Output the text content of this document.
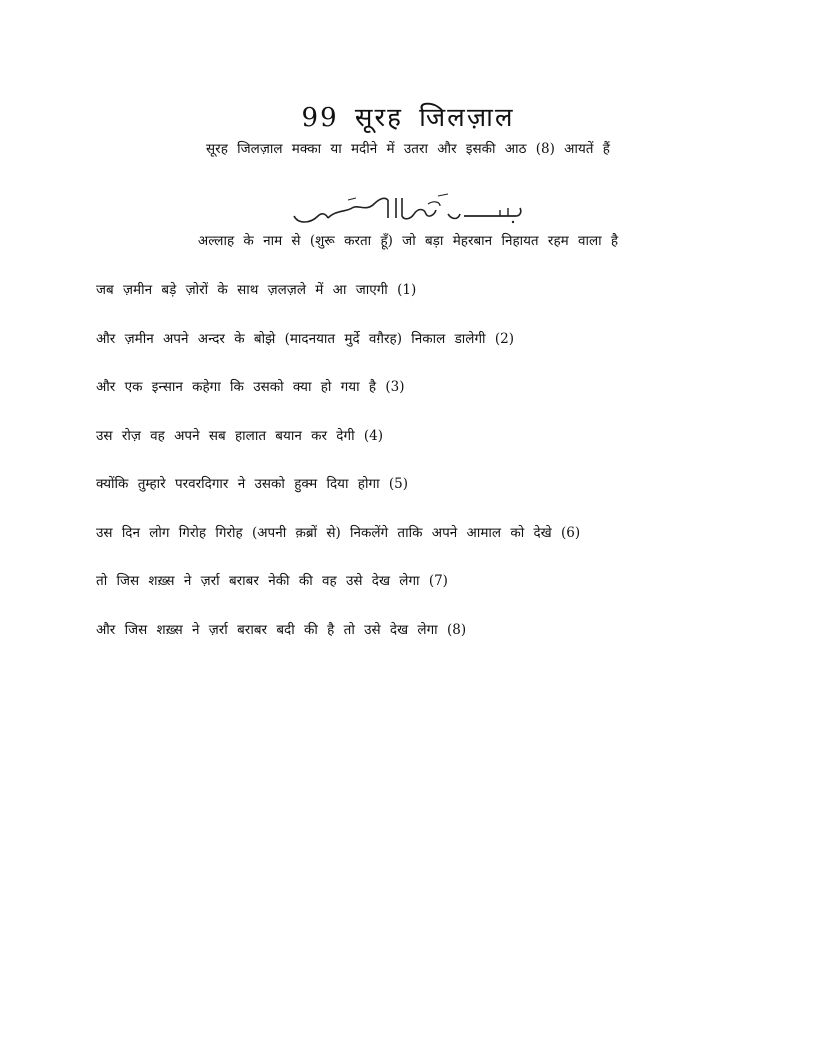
99 सूरह जिलज़ाल
सूरह जिलज़ाल मक्का या मदीने में उतरा और इसकी आठ (8) आयतें हैं
अल्लाह के नाम से (शुरू करता हूँ) जो बड़ा मेहरबान निहायत रहम वाला है
जब ज़मीन बड़े ज़ोरों के साथ ज़लज़ले में आ जाएगी (1)
और ज़मीन अपने अन्दर के बोझे (मादनयात मुर्दे वग़ैरह) निकाल डालेगी (2)
और एक इन्सान कहेगा कि उसको क्या हो गया है (3)
उस रोज़ वह अपने सब हालात बयान कर देगी (4)
क्योंकि तुम्हारे परवरदिगार ने उसको हुक्म दिया होगा (5)
उस दिन लोग गिरोह गिरोह (अपनी क़ब्रों से) निकलेंगे ताकि अपने आमाल को देखे (6)
तो जिस शख़्स ने ज़र्रा बराबर नेकी की वह उसे देख लेगा (7)
और जिस शख़्स ने ज़र्रा बराबर बदी की है तो उसे देख लेगा (8)
